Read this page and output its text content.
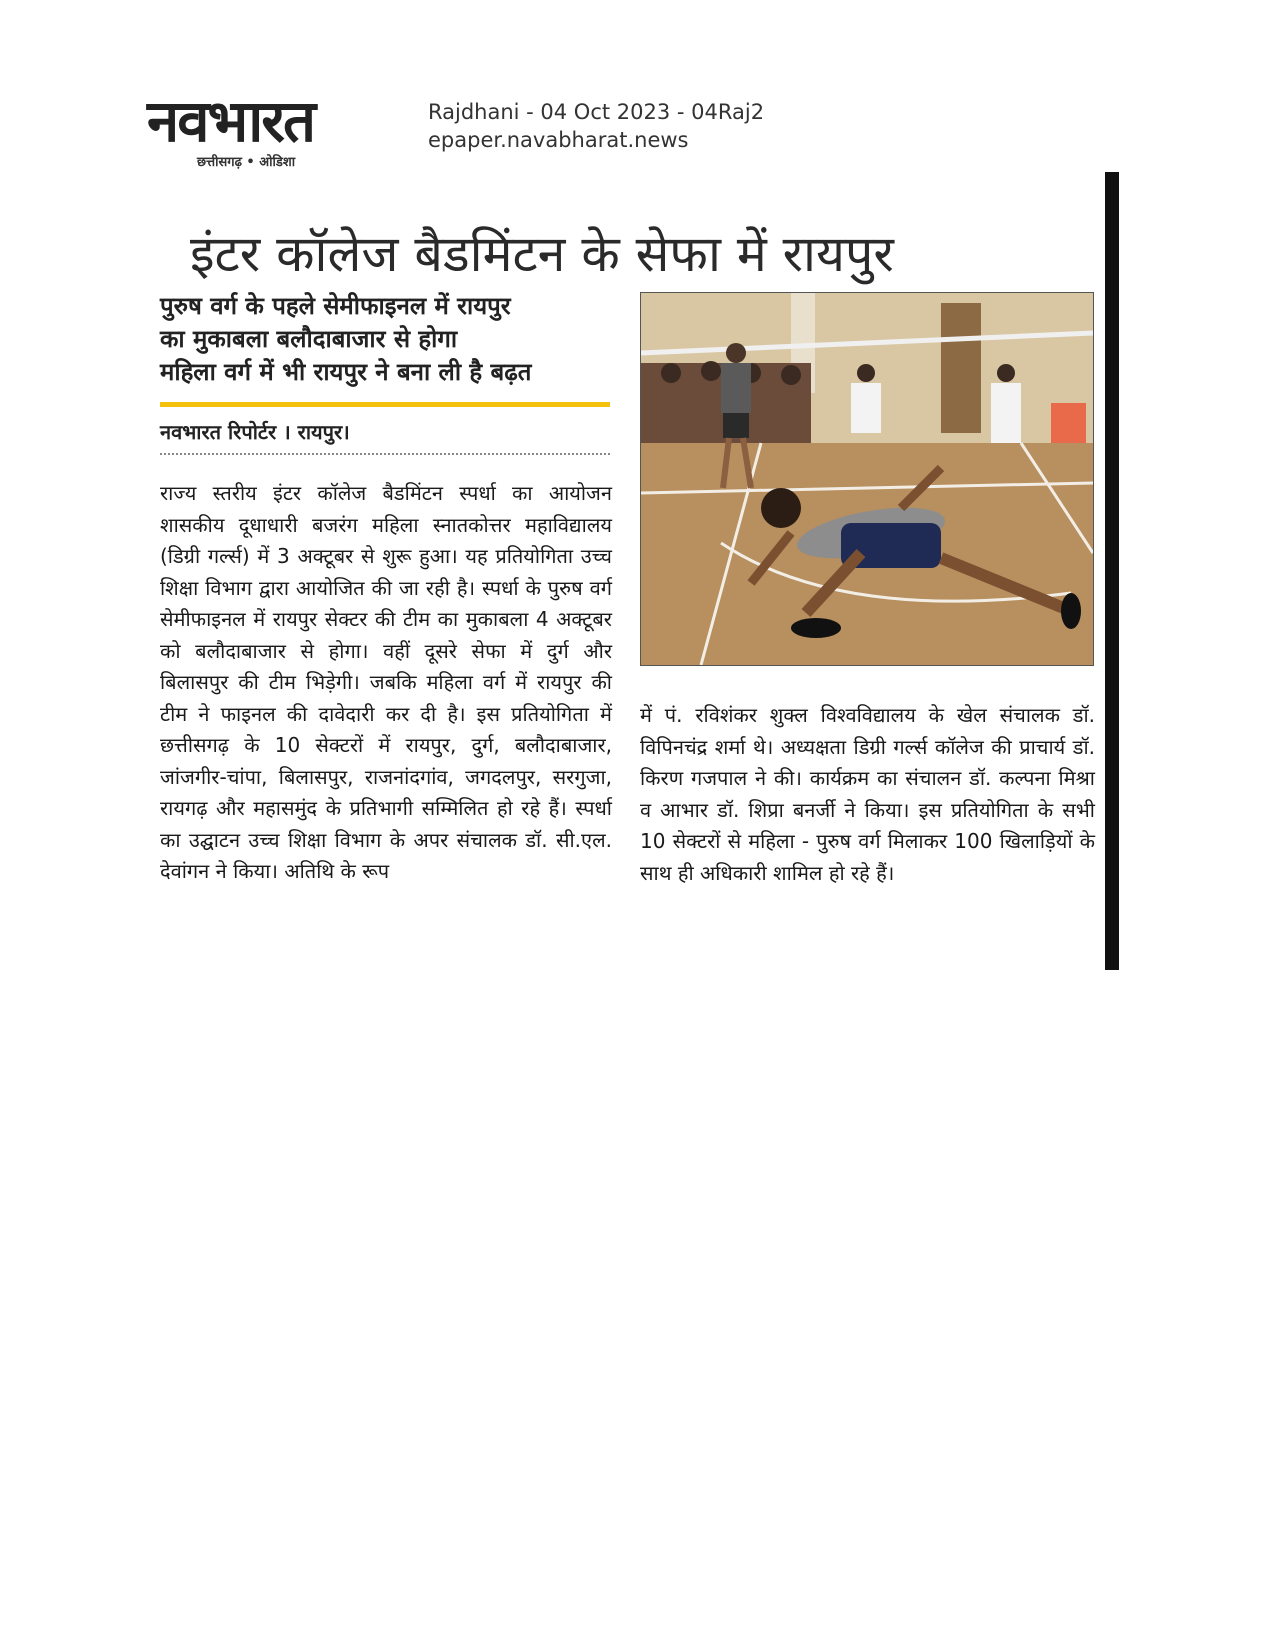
नवभारत
छत्तीसगढ़ • ओडिशा
Rajdhani - 04 Oct 2023 - 04Raj2
epaper.navabharat.news
इंटर कॉलेज बैडमिंटन के सेफा में रायपुर
पुरुष वर्ग के पहले सेमीफाइनल में रायपुर
का मुकाबला बलौदाबाजार से होगा
महिला वर्ग में भी रायपुर ने बना ली है बढ़त
नवभारत रिपोर्टर । रायपुर।
राज्य स्तरीय इंटर कॉलेज बैडमिंटन स्पर्धा का आयोजन शासकीय दूधाधारी बजरंग महिला स्नातकोत्तर महाविद्यालय (डिग्री गर्ल्स) में 3 अक्टूबर से शुरू हुआ। यह प्रतियोगिता उच्च शिक्षा विभाग द्वारा आयोजित की जा रही है। स्पर्धा के पुरुष वर्ग सेमीफाइनल में रायपुर सेक्टर की टीम का मुकाबला 4 अक्टूबर को बलौदाबाजार से होगा। वहीं दूसरे सेफा में दुर्ग और बिलासपुर की टीम भिड़ेगी। जबकि महिला वर्ग में रायपुर की टीम ने फाइनल की दावेदारी कर दी है। इस प्रतियोगिता में छत्तीसगढ़ के 10 सेक्टरों में रायपुर, दुर्ग, बलौदाबाजार, जांजगीर-चांपा, बिलासपुर, राजनांदगांव, जगदलपुर, सरगुजा, रायगढ़ और महासमुंद के प्रतिभागी सम्मिलित हो रहे हैं। स्पर्धा का उद्घाटन उच्च शिक्षा विभाग के अपर संचालक डॉ. सी.एल. देवांगन ने किया। अतिथि के रूप
में पं. रविशंकर शुक्ल विश्वविद्यालय के खेल संचालक डॉ. विपिनचंद्र शर्मा थे। अध्यक्षता डिग्री गर्ल्स कॉलेज की प्राचार्य डॉ. किरण गजपाल ने की। कार्यक्रम का संचालन डॉ. कल्पना मिश्रा व आभार डॉ. शिप्रा बनर्जी ने किया। इस प्रतियोगिता के सभी 10 सेक्टरों से महिला - पुरुष वर्ग मिलाकर 100 खिलाड़ियों के साथ ही अधिकारी शामिल हो रहे हैं।
